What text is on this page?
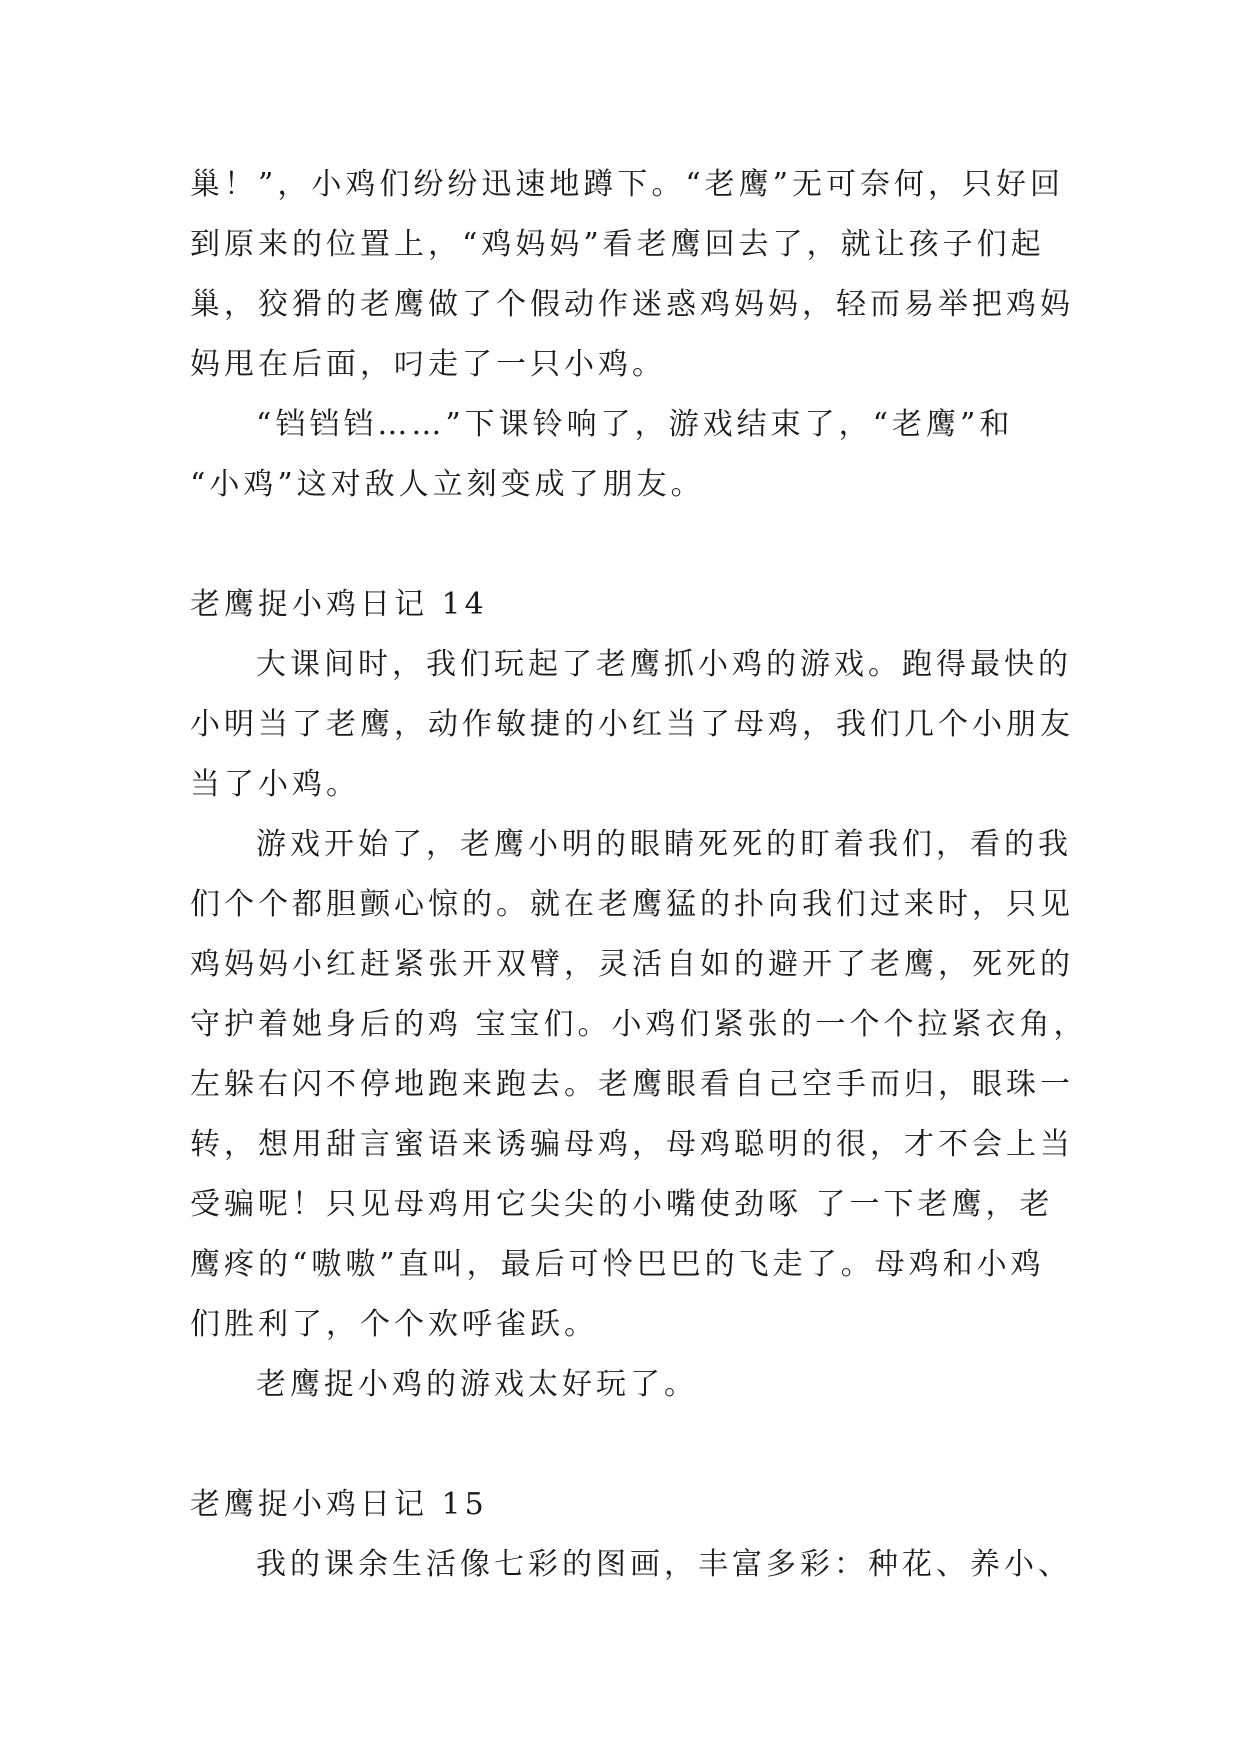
巢！”，小鸡们纷纷迅速地蹲下。“老鹰”无可奈何，只好回
到原来的位置上，“鸡妈妈”看老鹰回去了，就让孩子们起
巢，狡猾的老鹰做了个假动作迷惑鸡妈妈，轻而易举把鸡妈
妈甩在后面，叼走了一只小鸡。
“铛铛铛……”下课铃响了，游戏结束了，“老鹰”和
“小鸡”这对敌人立刻变成了朋友。
老鹰捉小鸡日记 14
大课间时，我们玩起了老鹰抓小鸡的游戏。跑得最快的
小明当了老鹰，动作敏捷的小红当了母鸡，我们几个小朋友
当了小鸡。
游戏开始了，老鹰小明的眼睛死死的盯着我们，看的我
们个个都胆颤心惊的。就在老鹰猛的扑向我们过来时，只见
鸡妈妈小红赶紧张开双臂，灵活自如的避开了老鹰，死死的
守护着她身后的鸡 宝宝们。小鸡们紧张的一个个拉紧衣角，
左躲右闪不停地跑来跑去。老鹰眼看自己空手而归，眼珠一
转，想用甜言蜜语来诱骗母鸡，母鸡聪明的很，才不会上当
受骗呢！只见母鸡用它尖尖的小嘴使劲啄 了一下老鹰，老
鹰疼的“嗷嗷”直叫，最后可怜巴巴的飞走了。母鸡和小鸡
们胜利了，个个欢呼雀跃。
老鹰捉小鸡的游戏太好玩了。
老鹰捉小鸡日记 15
我的课余生活像七彩的图画，丰富多彩：种花、养小、
